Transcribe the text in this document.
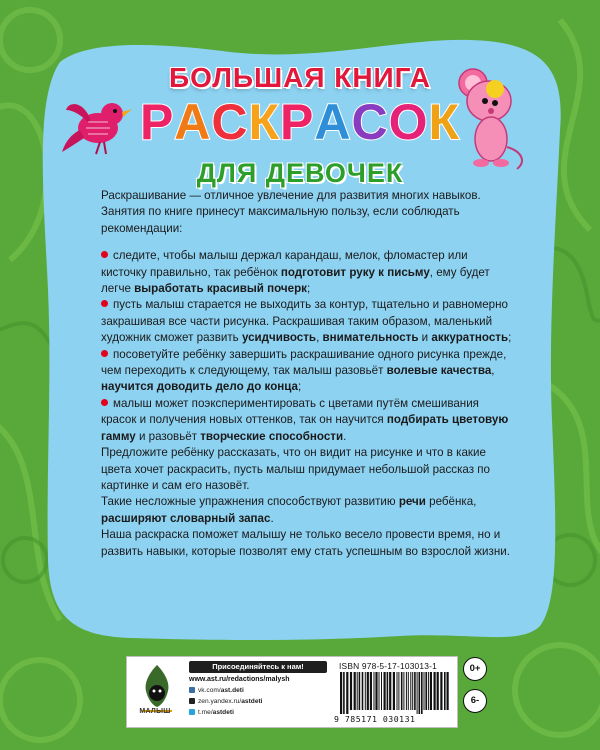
БОЛЬШАЯ КНИГА
РАСКРАСОК
ДЛЯ ДЕВОЧЕК

Раскрашивание — отличное увлечение для развития многих навыков. Занятия по книге принесут максимальную пользу, если соблюдать рекомендации:

следите, чтобы малыш держал карандаш, мелок, фломастер или кисточку правильно, так ребёнок подготовит руку к письму, ему будет легче выработать красивый почерк;

пусть малыш старается не выходить за контур, тщательно и равномерно закрашивая все части рисунка. Раскрашивая таким образом, маленький художник сможет развить усидчивость, внимательность и аккуратность;

посоветуйте ребёнку завершить раскрашивание одного рисунка прежде, чем переходить к следующему, так малыш разовьёт волевые качества, научится доводить дело до конца;

малыш может поэкспериментировать с цветами путём смешивания красок и получения новых оттенков, так он научится подбирать цветовую гамму и разовьёт творческие способности.

Предложите ребёнку рассказать, что он видит на рисунке и что в какие цвета хочет раскрасить, пусть малыш придумает небольшой рассказ по картинке и сам его назовёт.
Такие несложные упражнения способствуют развитию речи ребёнка, расширяют словарный запас.
Наша раскраска поможет малышу не только весело провести время, но и развить навыки, которые позволят ему стать успешным во взрослой жизни.

МАЛЫШ
Присоединяйтесь к нам!
www.ast.ru/redactions/malysh
vk.com/ast.deti
zen.yandex.ru/astdeti
t.me/astdeti
ISBN 978-5-17-103013-1
9 785171 030131
0+
6-
